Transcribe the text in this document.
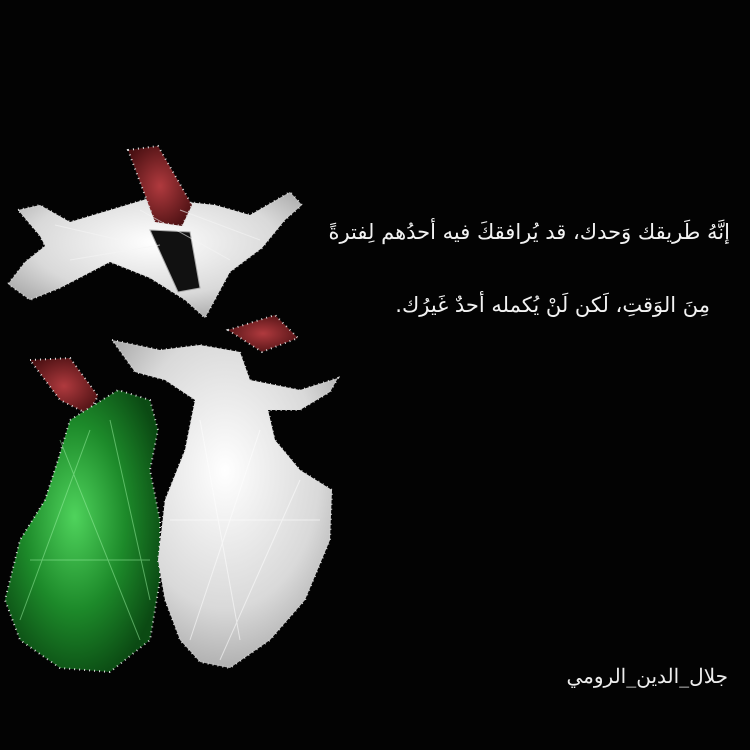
إنَّهُ طَريقك وَحدك، قد يُرافقكَ فيه أحدُهم لِفترةً
مِنَ الوَقتِ، لَكن لَنْ يُكمله أحدٌ غَيرُك.
جلال_الدين_الرومي
